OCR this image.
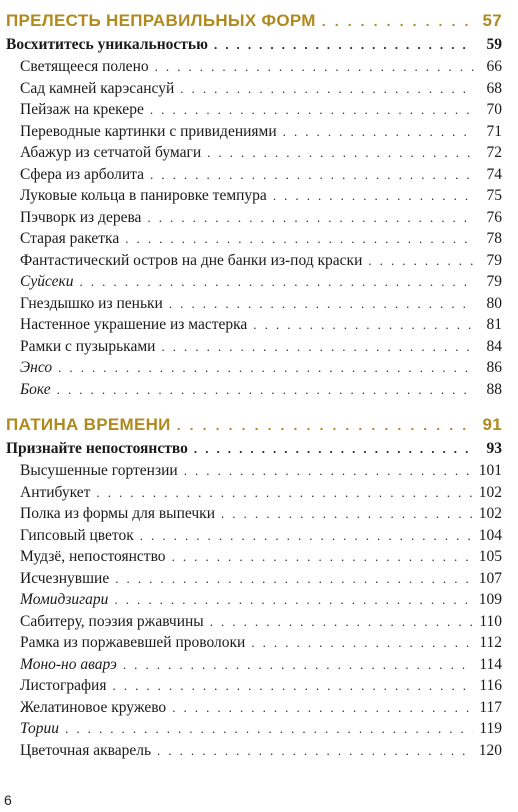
ПРЕЛЕСТЬ НЕПРАВИЛЬНЫХ ФОРМ . . .	57
Восхититесь уникальностью . . .	59
Светящееся полено . . .	66
Сад камней карэсансуй . . .	68
Пейзаж на крекере . . .	70
Переводные картинки с привидениями . . .	71
Абажур из сетчатой бумаги . . .	72
Сфера из арболита . . .	74
Луковые кольца в панировке темпура . . .	75
Пэчворк из дерева . . .	76
Старая ракетка . . .	78
Фантастический остров на дне банки из-под краски . . .	79
Суйсеки . . .	79
Гнездышко из пеньки . . .	80
Настенное украшение из мастерка . . .	81
Рамки с пузырьками . . .	84
Энсо . . .	86
Боке . . .	88
ПАТИНА ВРЕМЕНИ . . .	91
Признайте непостоянство . . .	93
Высушенные гортензии . . .	101
Антибукет . . .	102
Полка из формы для выпечки . . .	102
Гипсовый цветок . . .	104
Мудзё, непостоянство . . .	105
Исчезнувшие . . .	107
Момидзигари . . .	109
Сабитеру, поэзия ржавчины . . .	110
Рамка из поржавевшей проволоки . . .	112
Моно-но аварэ . . .	114
Листография . . .	116
Желатиновое кружево . . .	117
Тории . . .	119
Цветочная акварель . . .	120
6
